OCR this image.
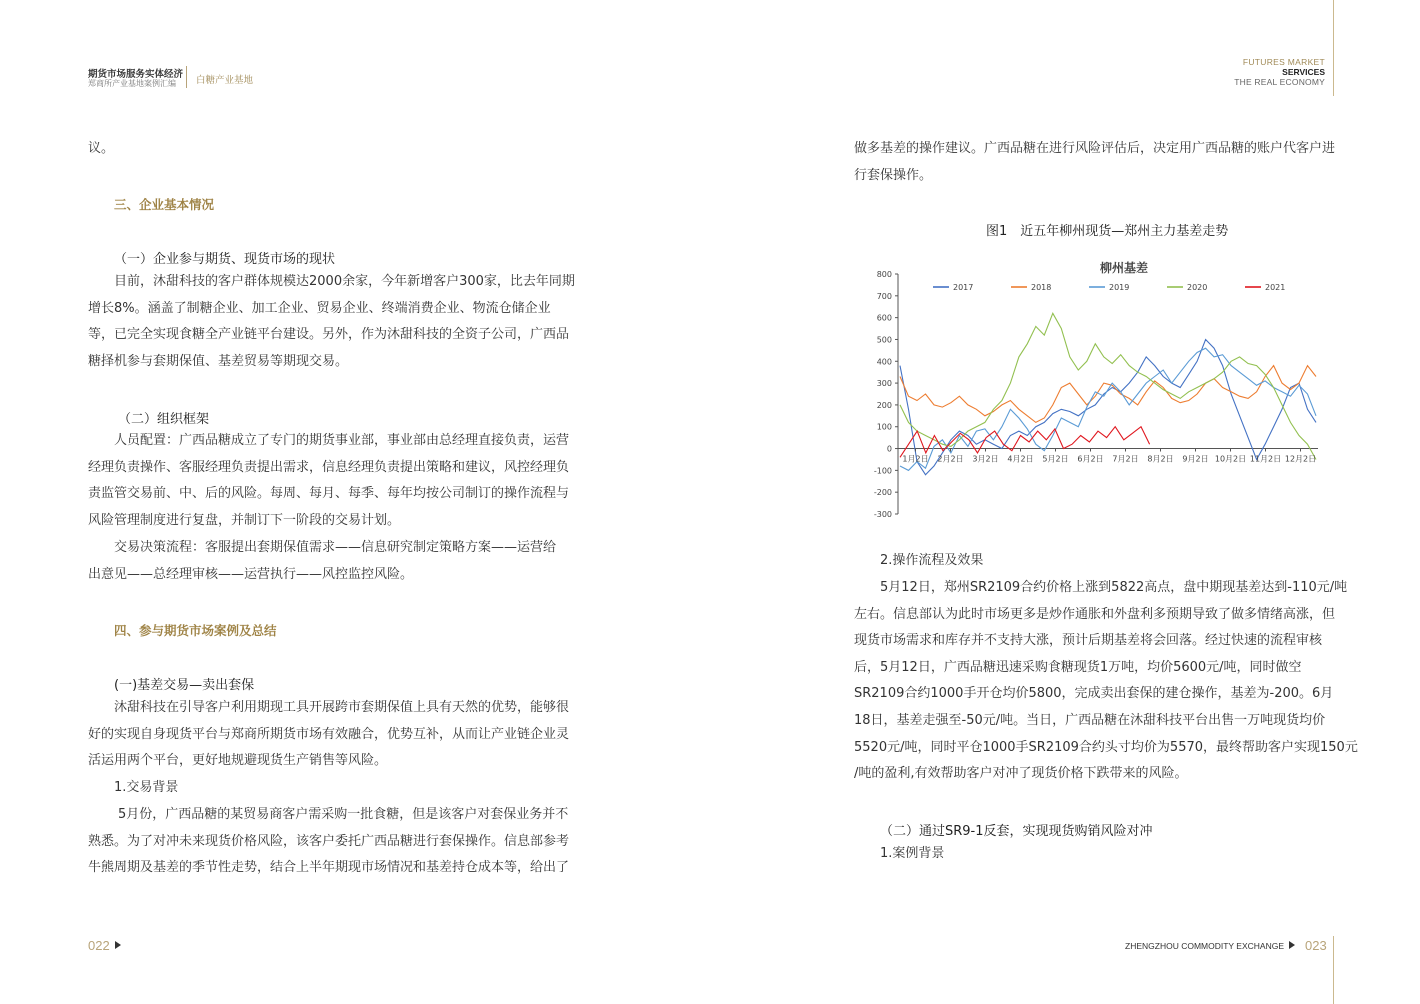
期货市场服务实体经济
郑商所产业基地案例汇编 白糖产业基地
FUTURES MARKET
SERVICES
THE REAL ECONOMY
议。
三、企业基本情况
（一）企业参与期货、现货市场的现状
目前，沐甜科技的客户群体规模达2000余家，今年新增客户300家，比去年同期
增长8%。涵盖了制糖企业、加工企业、贸易企业、终端消费企业、物流仓储企业
等，已完全实现食糖全产业链平台建设。另外，作为沐甜科技的全资子公司，广西品
糖择机参与套期保值、基差贸易等期现交易。
（二）组织框架
人员配置：广西品糖成立了专门的期货事业部，事业部由总经理直接负责，运营
经理负责操作、客服经理负责提出需求，信息经理负责提出策略和建议，风控经理负
责监管交易前、中、后的风险。每周、每月、每季、每年均按公司制订的操作流程与
风险管理制度进行复盘，并制订下一阶段的交易计划。
交易决策流程：客服提出套期保值需求——信息研究制定策略方案——运营给
出意见——总经理审核——运营执行——风控监控风险。
四、参与期货市场案例及总结
(一)基差交易—卖出套保
沐甜科技在引导客户利用期现工具开展跨市套期保值上具有天然的优势，能够很
好的实现自身现货平台与郑商所期货市场有效融合，优势互补，从而让产业链企业灵
活运用两个平台，更好地规避现货生产销售等风险。
1.交易背景
5月份，广西品糖的某贸易商客户需采购一批食糖，但是该客户对套保业务并不
熟悉。为了对冲未来现货价格风险，该客户委托广西品糖进行套保操作。信息部参考
牛熊周期及基差的季节性走势，结合上半年期现市场情况和基差持仓成本等，给出了
做多基差的操作建议。广西品糖在进行风险评估后，决定用广西品糖的账户代客户进
行套保操作。
图1　近五年柳州现货—郑州主力基差走势
柳州基差
2017	2018	2019	2020	2021
800
700
600
500
400
300
200
100
0
-100
-200
-300
1月2日 2月2日 3月2日 4月2日 5月2日 6月2日 7月2日 8月2日 9月2日 10月2日 11月2日 12月2日
2.操作流程及效果
5月12日，郑州SR2109合约价格上涨到5822高点，盘中期现基差达到-110元/吨
左右。信息部认为此时市场更多是炒作通胀和外盘利多预期导致了做多情绪高涨，但
现货市场需求和库存并不支持大涨，预计后期基差将会回落。经过快速的流程审核
后，5月12日，广西品糖迅速采购食糖现货1万吨，均价5600元/吨，同时做空
SR2109合约1000手开仓均价5800，完成卖出套保的建仓操作，基差为-200。6月
18日，基差走强至-50元/吨。当日，广西品糖在沐甜科技平台出售一万吨现货均价
5520元/吨，同时平仓1000手SR2109合约头寸均价为5570，最终帮助客户实现150元
/吨的盈利,有效帮助客户对冲了现货价格下跌带来的风险。
（二）通过SR9-1反套，实现现货购销风险对冲
1.案例背景
022	ZHENGZHOU COMMODITY EXCHANGE 023
